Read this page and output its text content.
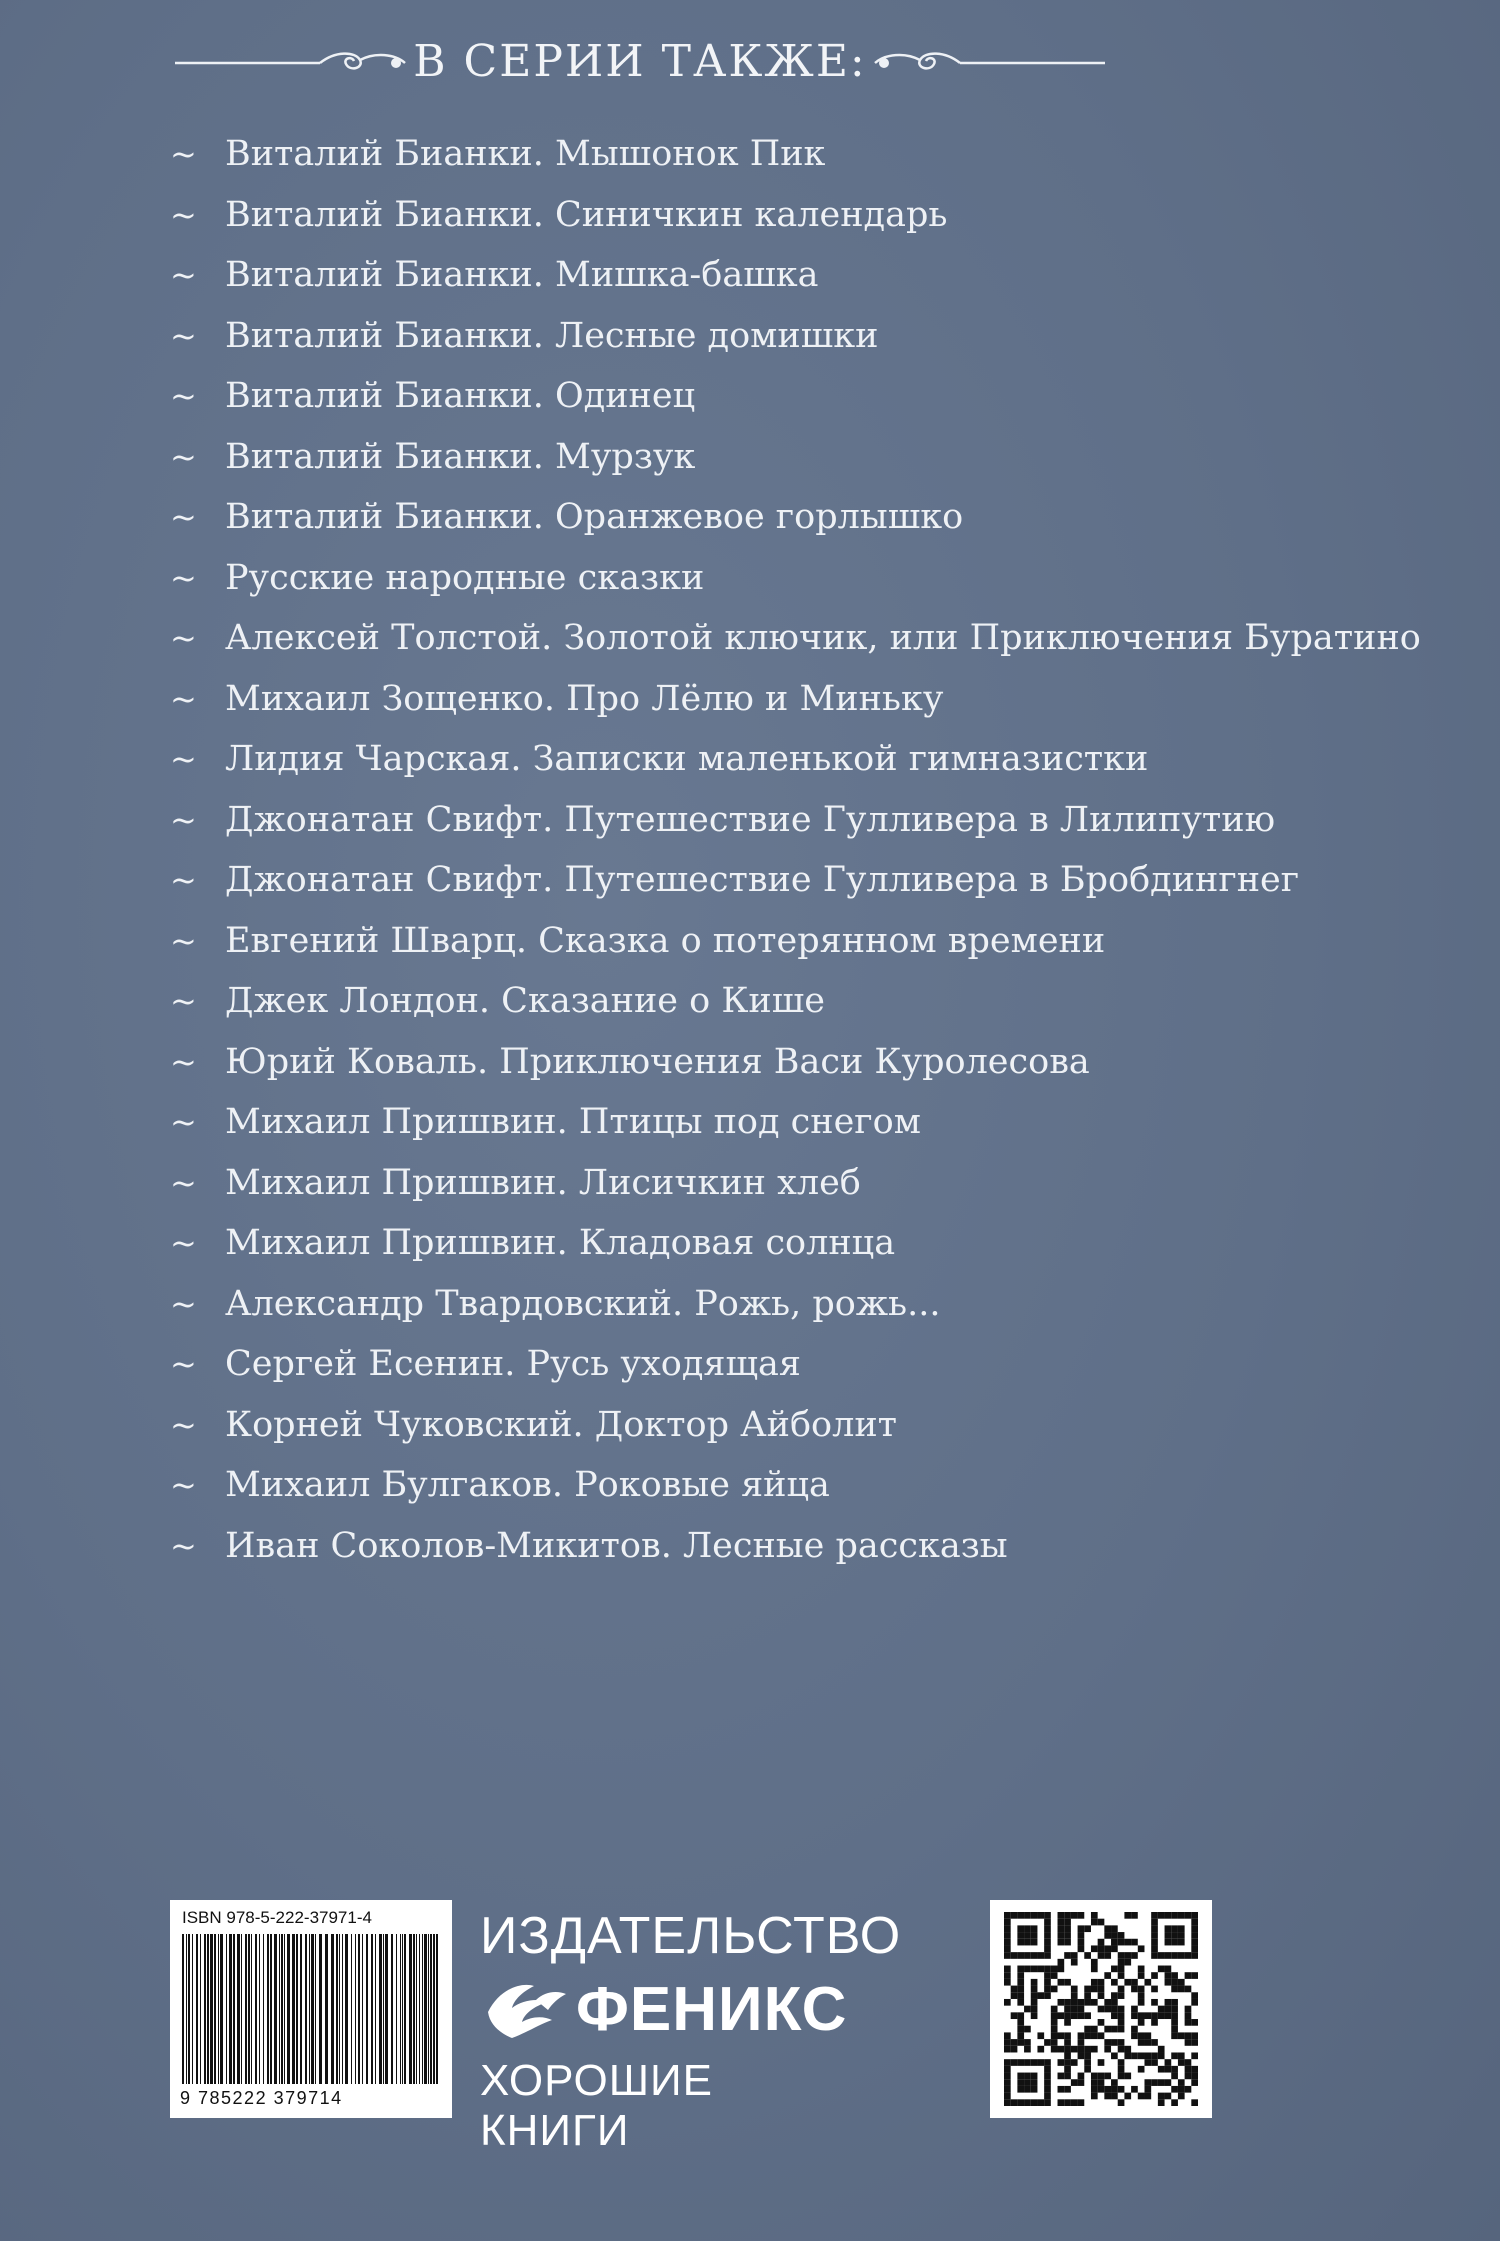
В СЕРИИ ТАКЖЕ:
~ Виталий Бианки. Мышонок Пик
~ Виталий Бианки. Синичкин календарь
~ Виталий Бианки. Мишка-башка
~ Виталий Бианки. Лесные домишки
~ Виталий Бианки. Одинец
~ Виталий Бианки. Мурзук
~ Виталий Бианки. Оранжевое горлышко
~ Русские народные сказки
~ Алексей Толстой. Золотой ключик, или Приключения Буратино
~ Михаил Зощенко. Про Лёлю и Миньку
~ Лидия Чарская. Записки маленькой гимназистки
~ Джонатан Свифт. Путешествие Гулливера в Лилипутию
~ Джонатан Свифт. Путешествие Гулливера в Бробдингнег
~ Евгений Шварц. Сказка о потерянном времени
~ Джек Лондон. Сказание о Кише
~ Юрий Коваль. Приключения Васи Куролесова
~ Михаил Пришвин. Птицы под снегом
~ Михаил Пришвин. Лисичкин хлеб
~ Михаил Пришвин. Кладовая солнца
~ Александр Твардовский. Рожь, рожь...
~ Сергей Есенин. Русь уходящая
~ Корней Чуковский. Доктор Айболит
~ Михаил Булгаков. Роковые яйца
~ Иван Соколов-Микитов. Лесные рассказы
ISBN 978-5-222-37971-4
9 785222 379714
ИЗДАТЕЛЬСТВО
ФЕНИКС
ХОРОШИЕ КНИГИ
